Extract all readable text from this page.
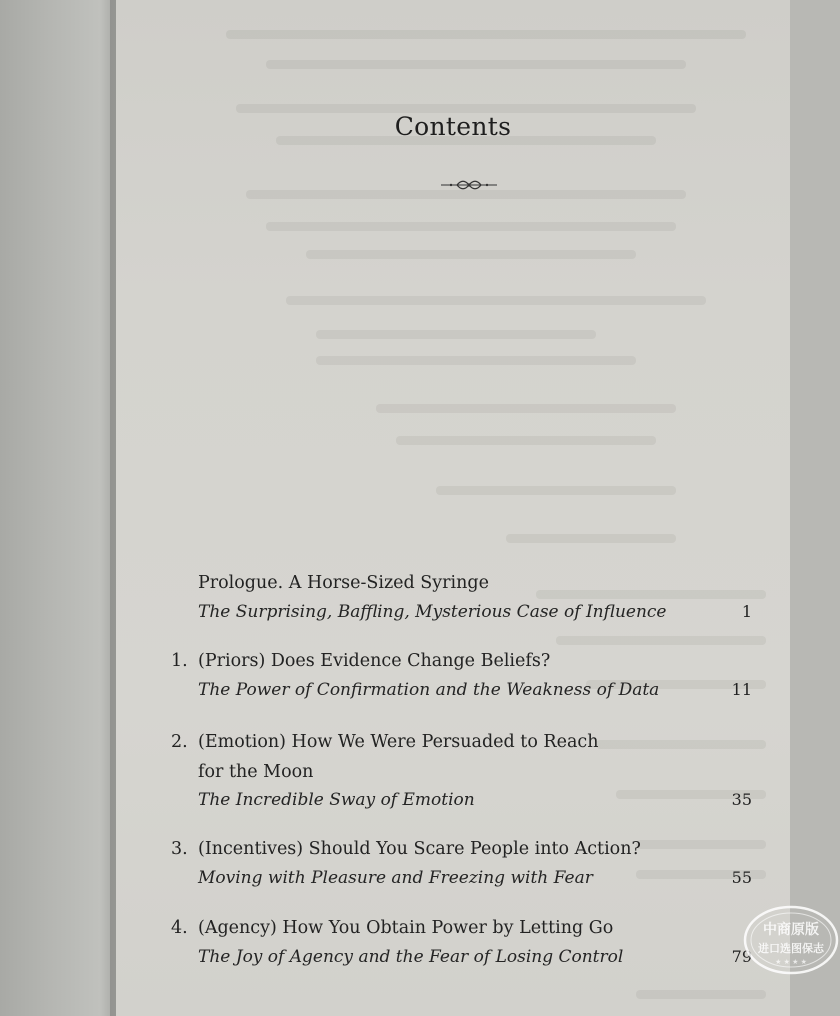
Contents
Prologue. A Horse-Sized Syringe
The Surprising, Baffling, Mysterious Case of Influence	1
1. (Priors) Does Evidence Change Beliefs?
The Power of Confirmation and the Weakness of Data	11
2. (Emotion) How We Were Persuaded to Reach
for the Moon
The Incredible Sway of Emotion	35
3. (Incentives) Should You Scare People into Action?
Moving with Pleasure and Freezing with Fear	55
4. (Agency) How You Obtain Power by Letting Go
The Joy of Agency and the Fear of Losing Control	79
中商原版
进口选图保志
★ ★ ★ ★
